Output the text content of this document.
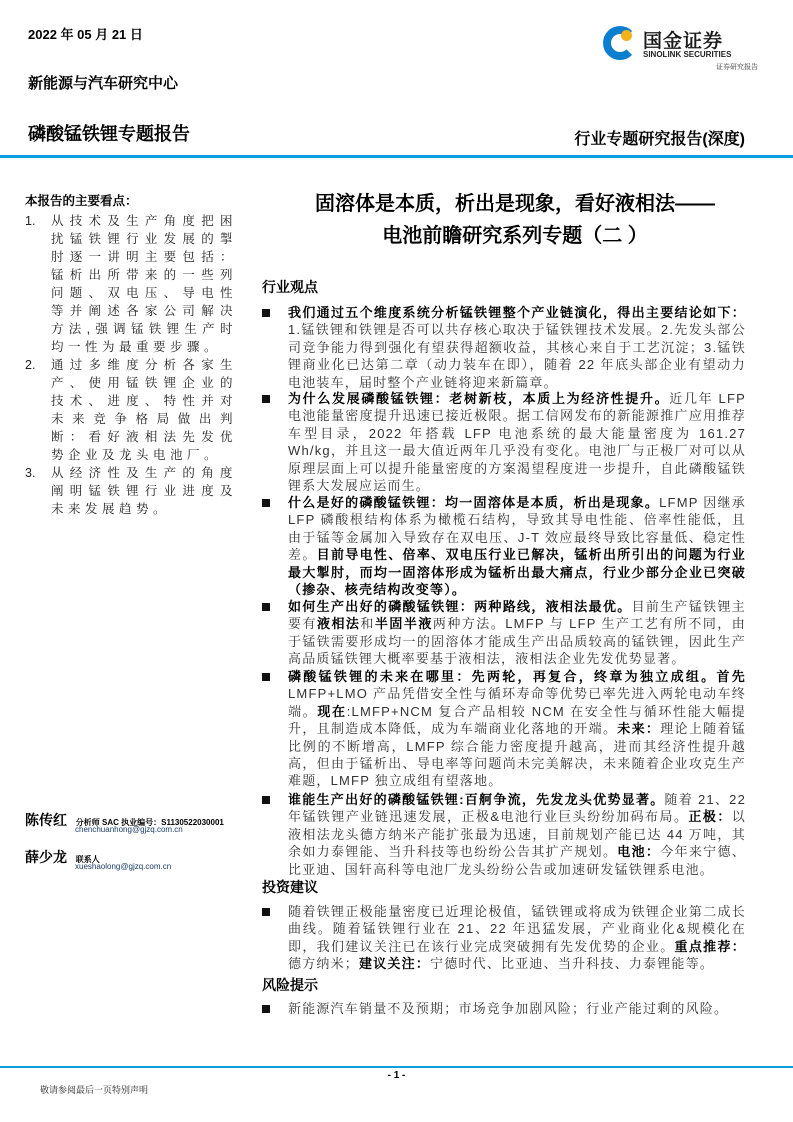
2022 年 05 月 21 日
新能源与汽车研究中心
磷酸锰铁锂专题报告	行业专题研究报告(深度)
国金证券
SINOLINK SECURITIES
证券研究报告
本报告的主要看点：
1.	从技术及生产角度把困扰锰铁锂行业发展的掣肘逐一讲明主要包括：锰析出所带来的一些列问题、双电压、导电性等并阐述各家公司解决方法,强调锰铁锂生产时均一性为最重要步骤。
2.	通过多维度分析各家生产、使用锰铁锂企业的技术、进度、特性并对未来竞争格局做出判断：看好液相法先发优势企业及龙头电池厂。
3.	从经济性及生产的角度阐明锰铁锂行业进度及未来发展趋势。
陈传红 分析师 SAC 执业编号：S1130522030001
chenchuanhong@gjzq.com.cn
薛少龙 联系人
xueshaolong@gjzq.com.cn
固溶体是本质，析出是现象，看好液相法——
电池前瞻研究系列专题（二 ）
行业观点
我们通过五个维度系统分析锰铁锂整个产业链演化，得出主要结论如下：1.锰铁锂和铁锂是否可以共存核心取决于锰铁锂技术发展。2.先发头部公司竞争能力得到强化有望获得超额收益，其核心来自于工艺沉淀；3.锰铁锂商业化已达第二章（动力装车在即），随着 22 年底头部企业有望动力电池装车，届时整个产业链将迎来新篇章。
为什么发展磷酸锰铁锂：老树新枝，本质上为经济性提升。近几年 LFP 电池能量密度提升迅速已接近极限。据工信网发布的新能源推广应用推荐车型目录，2022 年搭载 LFP 电池系统的最大能量密度为 161.27 Wh/kg，并且这一最大值近两年几乎没有变化。电池厂与正极厂对可以从原理层面上可以提升能量密度的方案渴望程度进一步提升，自此磷酸锰铁锂系大发展应运而生。
什么是好的磷酸锰铁锂：均一固溶体是本质，析出是现象。LFMP 因继承 LFP 磷酸根结构体系为橄榄石结构，导致其导电性能、倍率性能低，且由于锰等金属加入导致存在双电压、J-T 效应最终导致比容量低、稳定性差。目前导电性、倍率、双电压行业已解决，锰析出所引出的问题为行业最大掣肘，而均一固溶体形成为锰析出最大痛点，行业少部分企业已突破（掺杂、核壳结构改变等）。
如何生产出好的磷酸锰铁锂：两种路线，液相法最优。目前生产锰铁锂主要有液相法和半固半液两种方法。LMFP 与 LFP 生产工艺有所不同，由于锰铁需要形成均一的固溶体才能成生产出品质较高的锰铁锂，因此生产高品质锰铁锂大概率要基于液相法，液相法企业先发优势显著。
磷酸锰铁锂的未来在哪里：先两轮，再复合，终章为独立成组。首先LMFP+LMO 产品凭借安全性与循环寿命等优势已率先进入两轮电动车终端。现在:LMFP+NCM 复合产品相较 NCM 在安全性与循环性能大幅提升，且制造成本降低，成为车端商业化落地的开端。未来：理论上随着锰比例的不断增高，LMFP 综合能力密度提升越高，进而其经济性提升越高，但由于锰析出、导电率等问题尚未完美解决，未来随着企业攻克生产难题，LMFP 独立成组有望落地。
谁能生产出好的磷酸锰铁锂:百舸争流，先发龙头优势显著。随着 21、22 年锰铁锂产业链迅速发展，正极&电池行业巨头纷纷加码布局。正极：以液相法龙头德方纳米产能扩张最为迅速，目前规划产能已达 44 万吨，其余如力泰锂能、当升科技等也纷纷公告其扩产规划。电池：今年来宁德、比亚迪、国轩高科等电池厂龙头纷纷公告或加速研发锰铁锂系电池。
投资建议
随着铁锂正极能量密度已近理论极值，锰铁锂或将成为铁锂企业第二成长曲线。随着锰铁锂行业在 21、22 年迅猛发展，产业商业化&规模化在即，我们建议关注已在该行业完成突破拥有先发优势的企业。重点推荐：德方纳米；建议关注：宁德时代、比亚迪、当升科技、力泰锂能等。
风险提示
新能源汽车销量不及预期；市场竞争加剧风险；行业产能过剩的风险。
- 1 -
敬请参阅最后一页特别声明
